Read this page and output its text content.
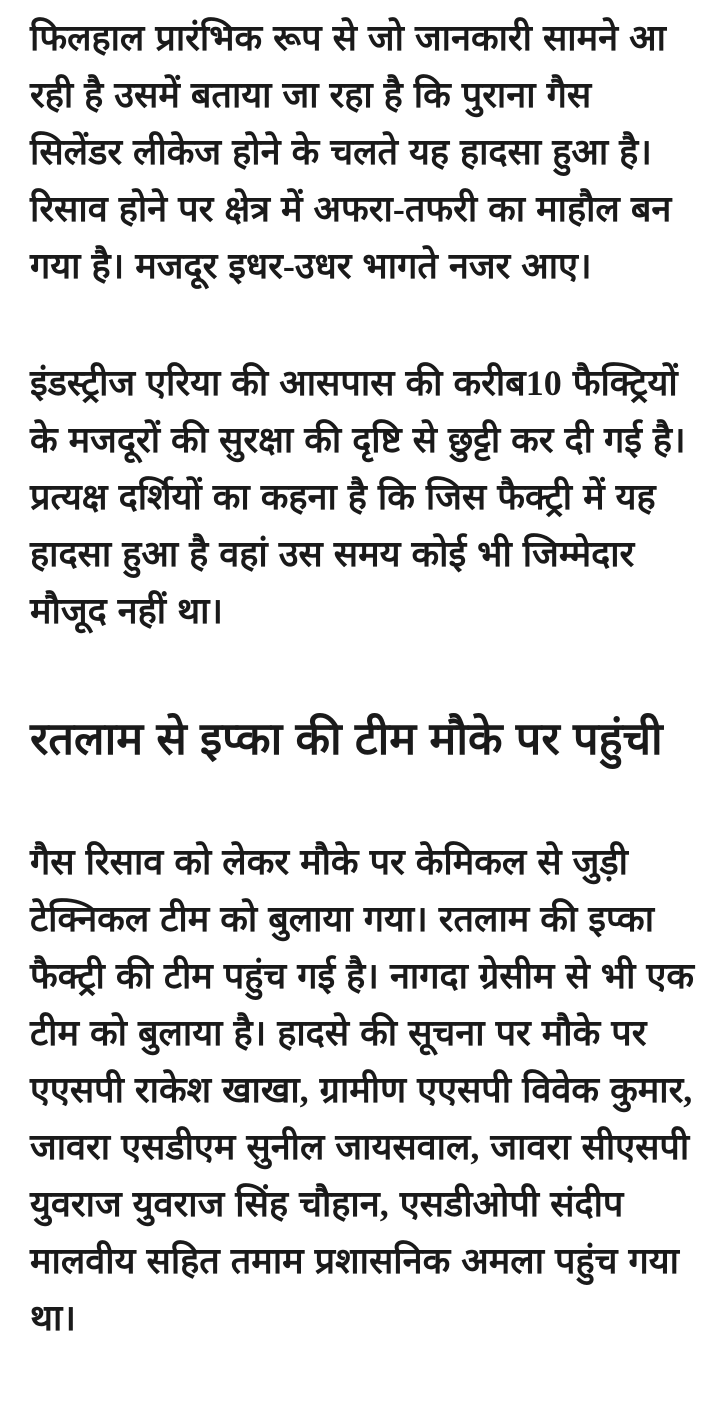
फिलहाल प्रारंभिक रूप से जो जानकारी सामने आ रही है उसमें बताया जा रहा है कि पुराना गैस सिलेंडर लीकेज होने के चलते यह हादसा हुआ है। रिसाव होने पर क्षेत्र में अफरा-तफरी का माहौल बन गया है। मजदूर इधर-उधर भागते नजर आए।

इंडस्ट्रीज एरिया की आसपास की करीब10 फैक्ट्रियों के मजदूरों की सुरक्षा की दृष्टि से छुट्टी कर दी गई है। प्रत्यक्ष दर्शियों का कहना है कि जिस फैक्ट्री में यह हादसा हुआ है वहां उस समय कोई भी जिम्मेदार मौजूद नहीं था।

रतलाम से इप्का की टीम मौके पर पहुंची

गैस रिसाव को लेकर मौके पर केमिकल से जुड़ी टेक्निकल टीम को बुलाया गया। रतलाम की इप्का फैक्ट्री की टीम पहुंच गई है। नागदा ग्रेसीम से भी एक टीम को बुलाया है। हादसे की सूचना पर मौके पर एएसपी राकेश खाखा, ग्रामीण एएसपी विवेक कुमार, जावरा एसडीएम सुनील जायसवाल, जावरा सीएसपी युवराज युवराज सिंह चौहान, एसडीओपी संदीप मालवीय सहित तमाम प्रशासनिक अमला पहुंच गया था।
